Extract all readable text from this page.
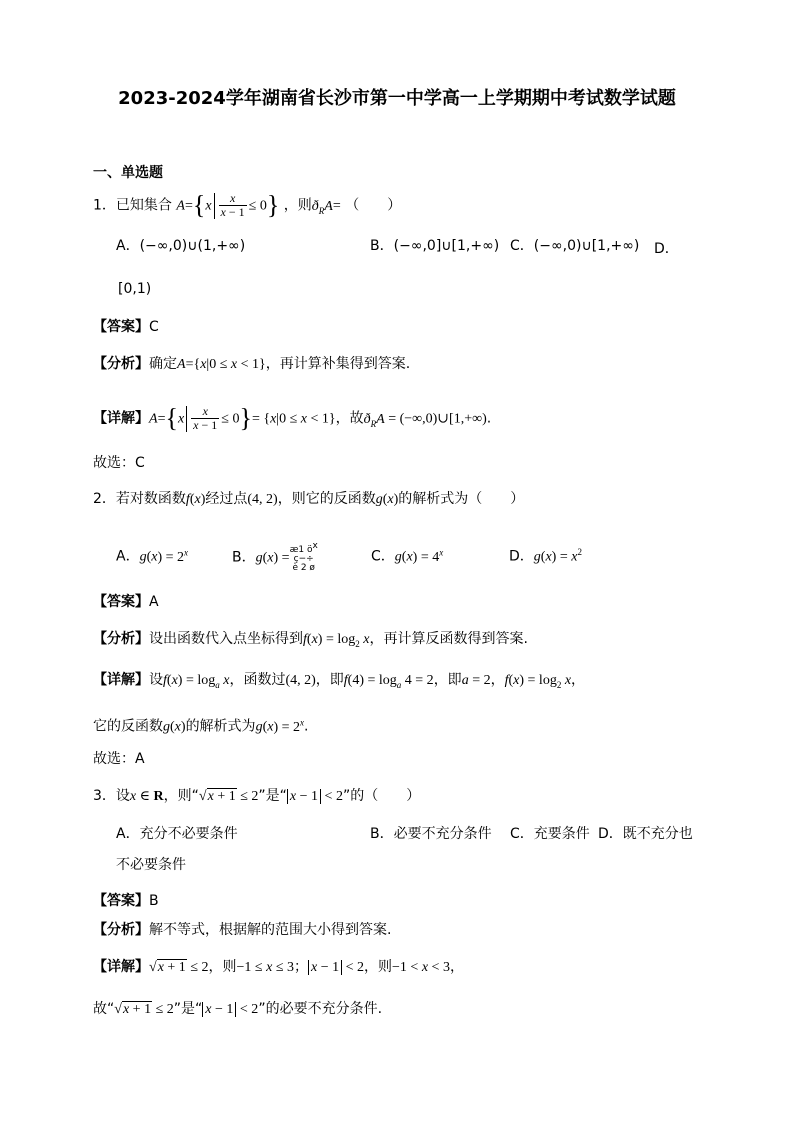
2023-2024学年湖南省长沙市第一中学高一上学期期中考试数学试题
一、单选题
1．已知集合 $A=\{x \frac{x}{x - 1} \le 0\}$ ，则$ð_RA=$ （　　）
A．(−∞,0)∪(1,+∞)	B．(−∞,0]∪[1,+∞) C．(−∞,0)∪[1,+∞) D．
[0,1)
【答案】C
【分析】确定A={x|0 ≤ x < 1}，再计算补集得到答案.
【详解】$A=\{x \frac{x}{x - 1} \le 0\}= \{x|0 \le x < 1\}$，故$ð_RA$ = (−∞,0)∪[1,+∞).
故选：C
2．若对数函数f(x)经过点(4, 2)，则它的反函数g(x)的解析式为（　　）
A．$g(x) = 2^x$	B．g(x) =æ1 $ö^x$
ç−÷
è 2 ø
C．$g(x) = 4^x$	D．$g(x) = x^2$
【答案】A
【分析】设出函数代入点坐标得到$f(x) = \log_2 x$，再计算反函数得到答案.
【详解】设$f(x) = \log_a x$，函数过(4, 2)，即$f(4) = \log_a 4 = 2$，即a = 2，$f(x) = \log_2 x$，
它的反函数g(x)的解析式为$g(x) = 2^x$.
故选：A
3．设x ∈ R，则“√x + 1 ≤ 2”是“ x − 1 < 2”的（　　）
A．充分不必要条件	B．必要不充分条件 C．充要条件 D．既不充分也
不必要条件
【答案】B
【分析】解不等式，根据解的范围大小得到答案.
【详解】√x + 1 ≤ 2，则−1 ≤ x ≤ 3； x − 1 < 2，则−1 < x < 3，
故“√x + 1 ≤ 2”是“ x − 1 < 2”的必要不充分条件.
